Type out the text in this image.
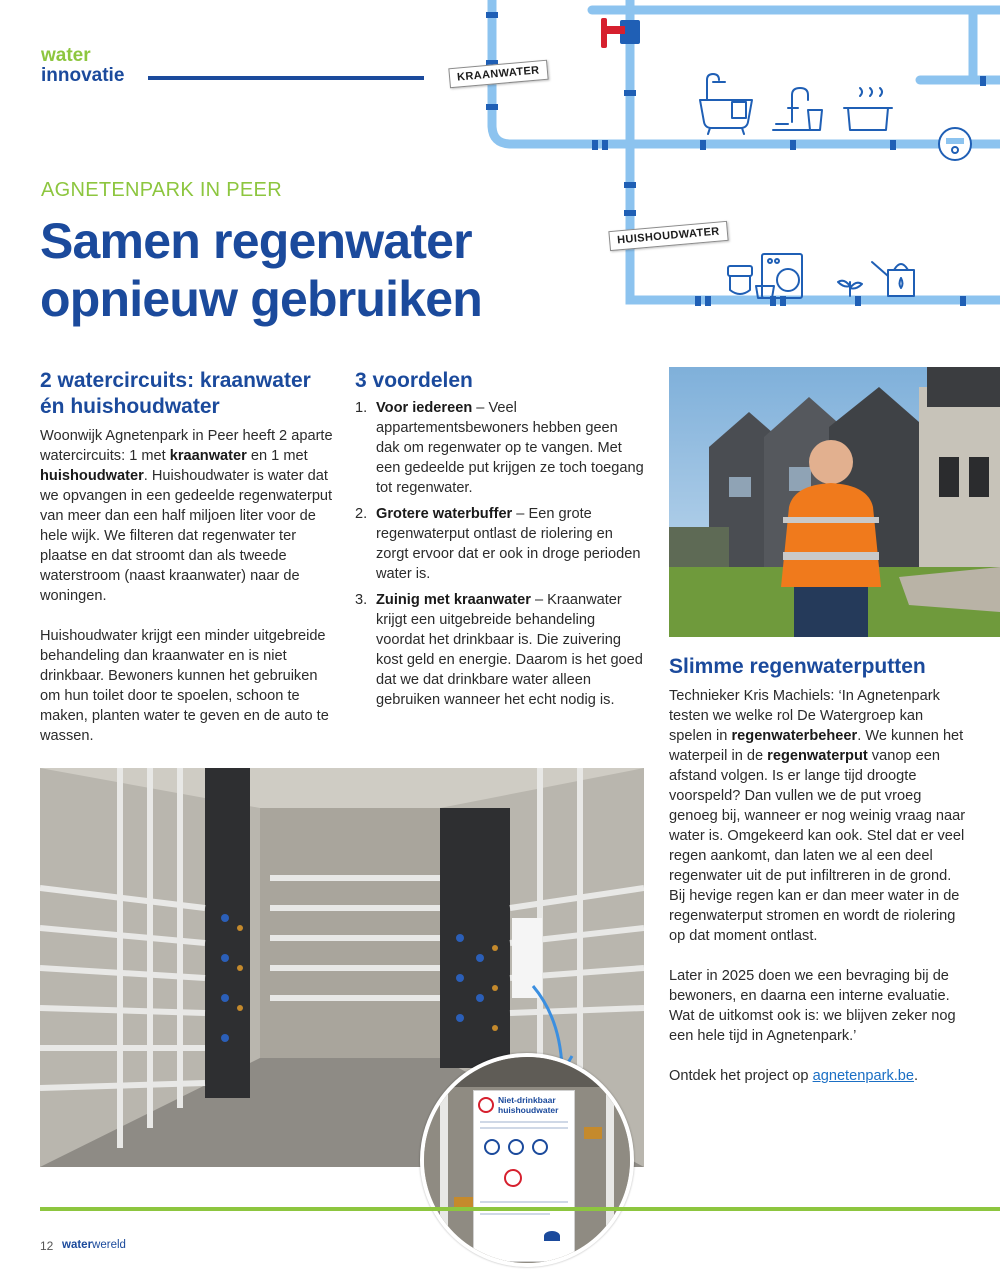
water
innovatie	KRAANWATER
HUISHOUDWATER
AGNETENPARK IN PEER
Samen regenwater
opnieuw gebruiken
2 watercircuits: kraanwater
én huishoudwater

Woonwijk Agnetenpark in Peer heeft 2 aparte watercircuits: 1 met kraanwater en 1 met huishoudwater. Huishoudwater is water dat we opvangen in een gedeelde regenwaterput van meer dan een half miljoen liter voor de hele wijk. We filteren dat regenwater ter plaatse en dat stroomt dan als tweede waterstroom (naast kraanwater) naar de woningen.

Huishoudwater krijgt een minder uitgebreide behandeling dan kraanwater en is niet drinkbaar. Bewoners kunnen het gebruiken om hun toilet door te spoelen, schoon te maken, planten water te geven en de auto te wassen.

3 voordelen
1. Voor iedereen – Veel appartementsbewoners hebben geen dak om regenwater op te vangen. Met een gedeelde put krijgen ze toch toegang tot regenwater.
2. Grotere waterbuffer – Een grote regenwaterput ontlast de riolering en zorgt ervoor dat er ook in droge perioden water is.
3. Zuinig met kraanwater – Kraanwater krijgt een uitgebreide behandeling voordat het drinkbaar is. Die zuivering kost geld en energie. Daarom is het goed dat we dat drinkbare water alleen gebruiken wanneer het echt nodig is.
Slimme regenwaterputten

Technieker Kris Machiels: ‘In Agnetenpark testen we welke rol De Watergroep kan spelen in regenwaterbeheer. We kunnen het waterpeil in de regenwaterput vanop een afstand volgen. Is er lange tijd droogte voorspeld? Dan vullen we de put vroeg genoeg bij, wanneer er nog weinig vraag naar water is. Omgekeerd kan ook. Stel dat er veel regen aankomt, dan laten we al een deel regenwater uit de put infiltreren in de grond. Bij hevige regen kan er dan meer water in de regenwaterput stromen en wordt de riolering op dat moment ontlast.

Later in 2025 doen we een bevraging bij de bewoners, en daarna een interne evaluatie. Wat de uitkomst ook is: we blijven zeker nog een hele tijd in Agnetenpark.’

Ontdek het project op agnetenpark.be.

Niet-drinkbaar
huishoudwater
12 waterwereld
